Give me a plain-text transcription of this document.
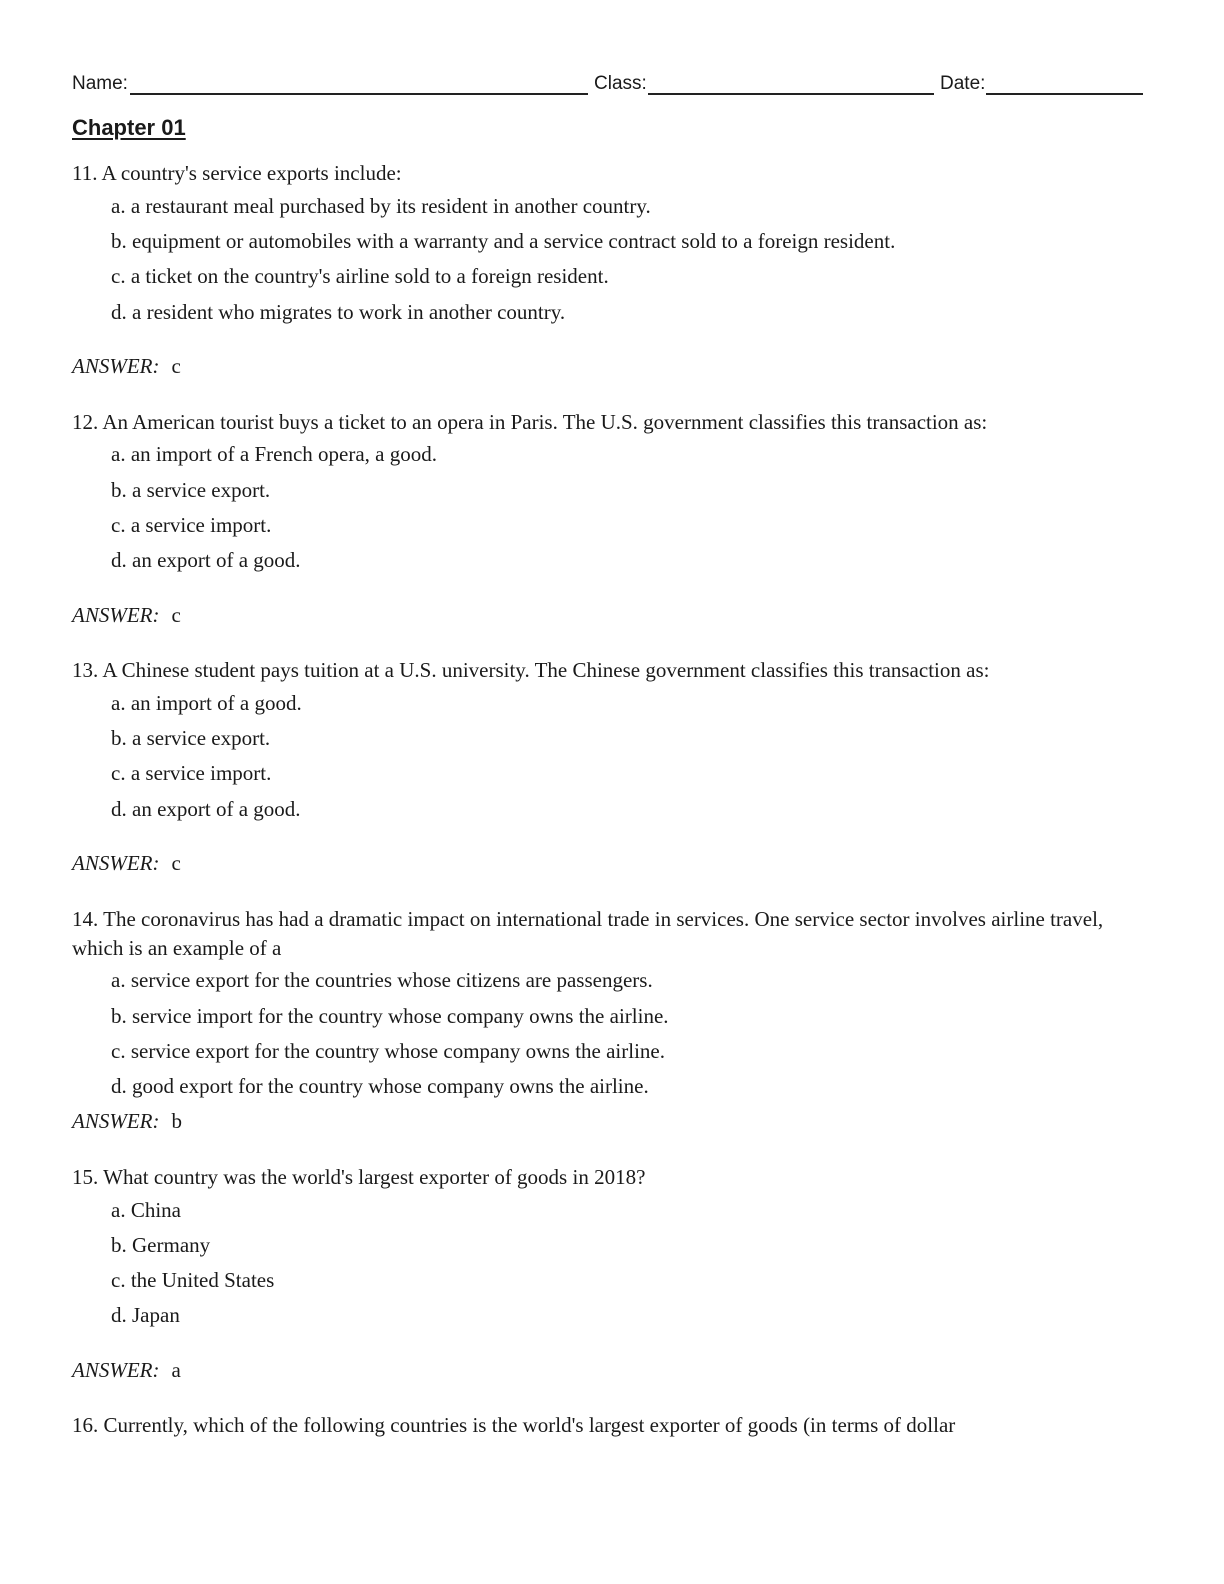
Name:	Class:	Date:
Chapter 01
11. A country's service exports include:
a. a restaurant meal purchased by its resident in another country.
b. equipment or automobiles with a warranty and a service contract sold to a foreign resident.
c. a ticket on the country's airline sold to a foreign resident.
d. a resident who migrates to work in another country.
ANSWER: c
12. An American tourist buys a ticket to an opera in Paris. The U.S. government classifies this transaction as:
a. an import of a French opera, a good.
b. a service export.
c. a service import.
d. an export of a good.
ANSWER: c
13. A Chinese student pays tuition at a U.S. university. The Chinese government classifies this transaction as:
a. an import of a good.
b. a service export.
c. a service import.
d. an export of a good.
ANSWER: c
14. The coronavirus has had a dramatic impact on international trade in services. One service sector involves airline travel, which is an example of a
a. service export for the countries whose citizens are passengers.
b. service import for the country whose company owns the airline.
c. service export for the country whose company owns the airline.
d. good export for the country whose company owns the airline.
ANSWER: b
15. What country was the world's largest exporter of goods in 2018?
a. China
b. Germany
c. the United States
d. Japan
ANSWER: a
16. Currently, which of the following countries is the world's largest exporter of goods (in terms of dollar
